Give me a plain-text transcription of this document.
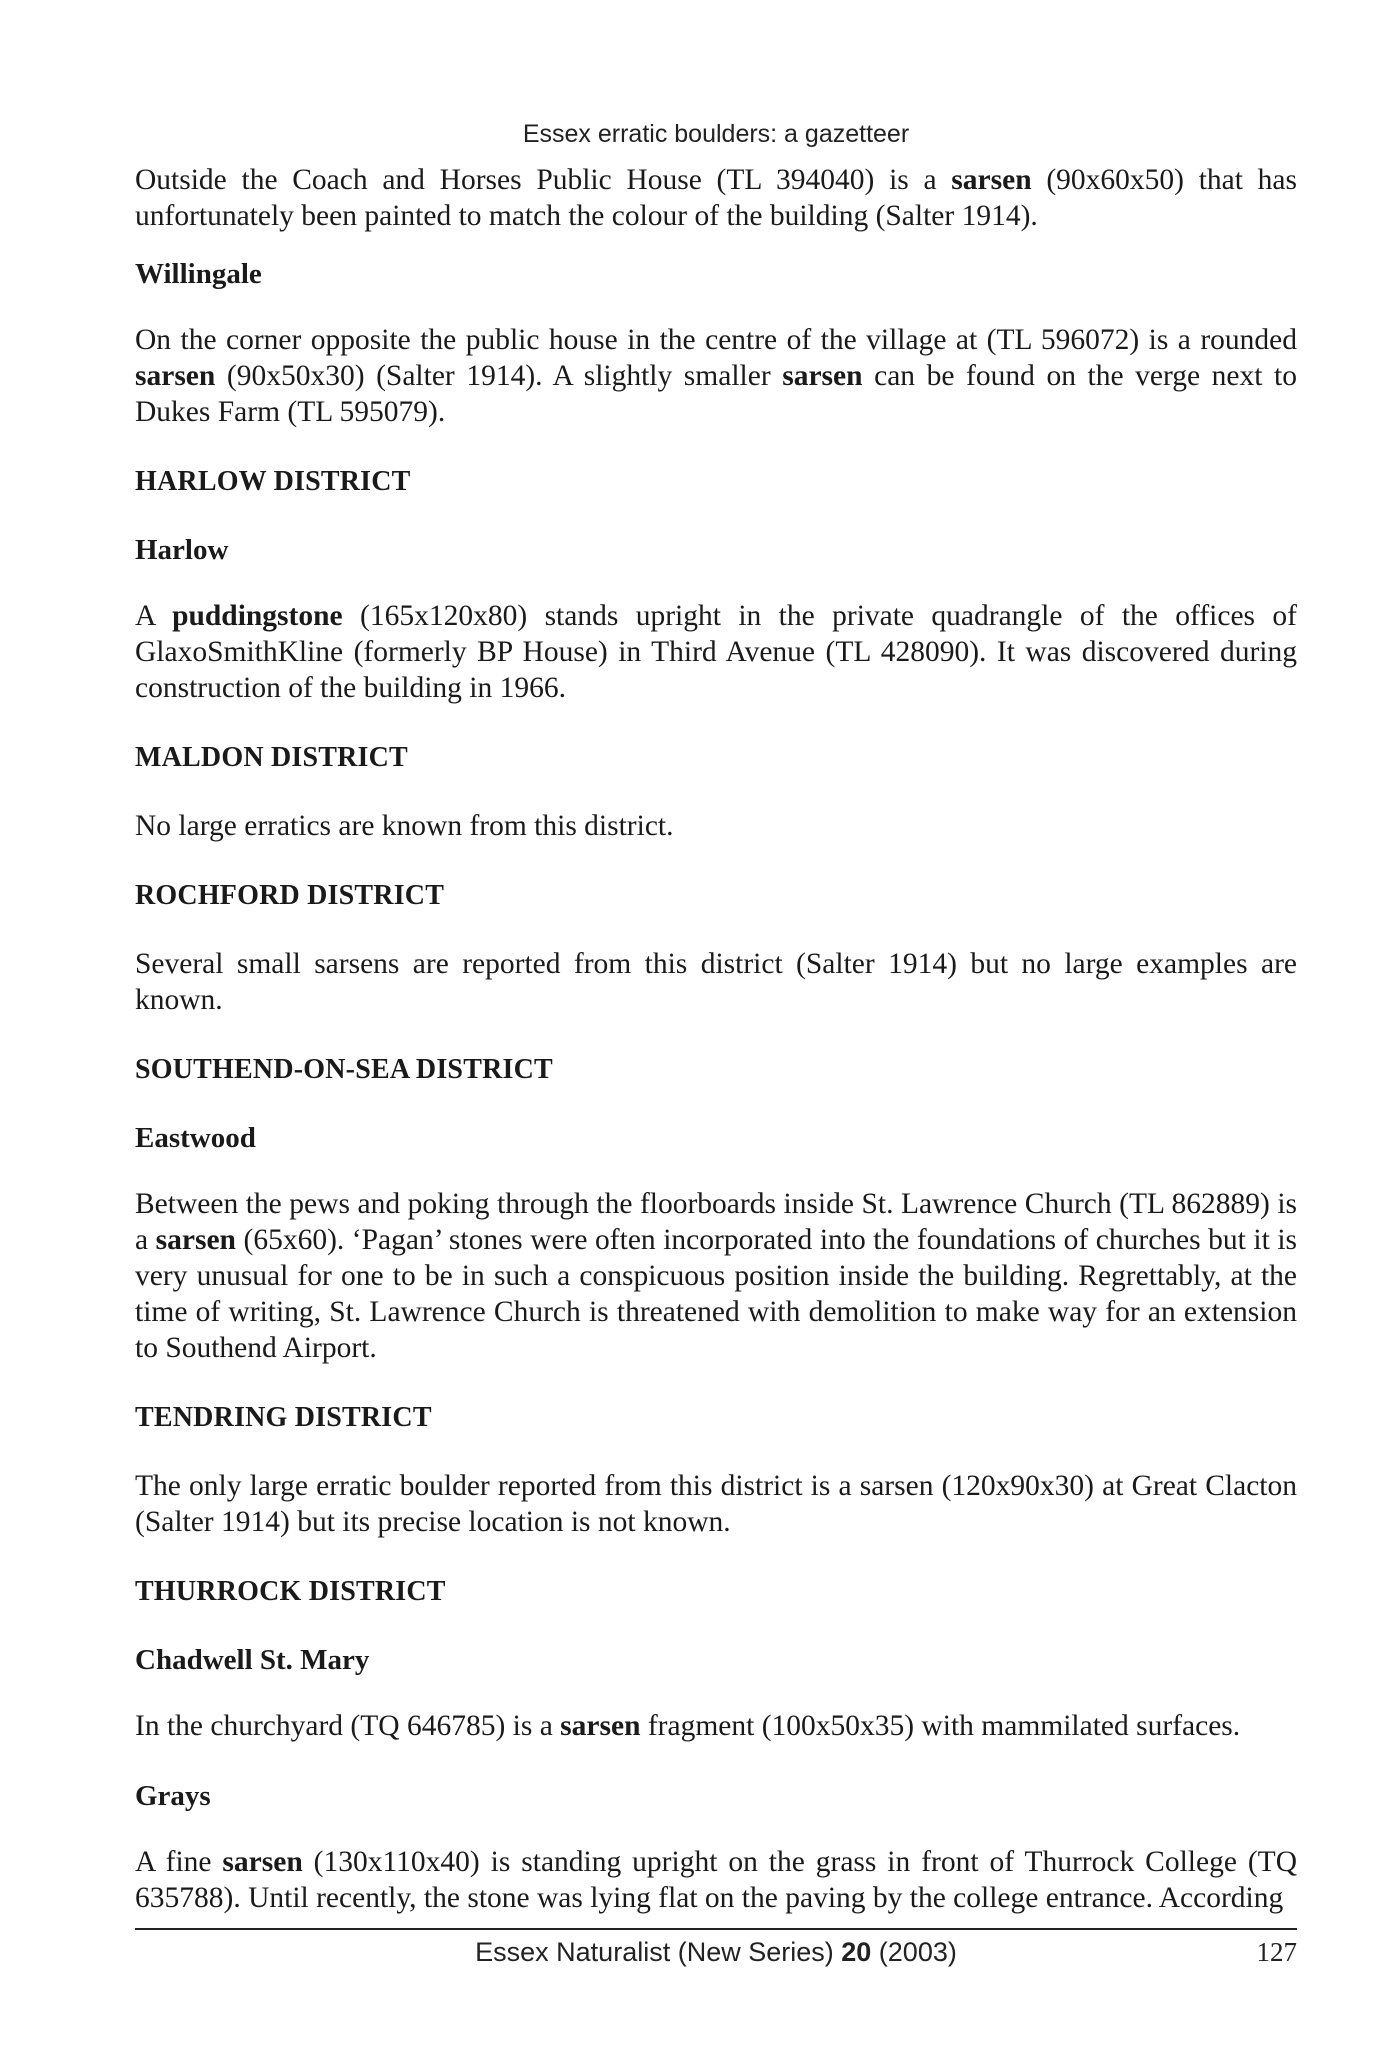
Essex erratic boulders: a gazetteer

Outside the Coach and Horses Public House (TL 394040) is a sarsen (90x60x50) that has unfortunately been painted to match the colour of the building (Salter 1914).

Willingale

On the corner opposite the public house in the centre of the village at (TL 596072) is a rounded sarsen (90x50x30) (Salter 1914). A slightly smaller sarsen can be found on the verge next to Dukes Farm (TL 595079).

HARLOW DISTRICT
Harlow

A puddingstone (165x120x80) stands upright in the private quadrangle of the offices of GlaxoSmithKline (formerly BP House) in Third Avenue (TL 428090). It was discovered during construction of the building in 1966.

MALDON DISTRICT

No large erratics are known from this district.

ROCHFORD DISTRICT

Several small sarsens are reported from this district (Salter 1914) but no large examples are known.

SOUTHEND-ON-SEA DISTRICT
Eastwood

Between the pews and poking through the floorboards inside St. Lawrence Church (TL 862889) is a sarsen (65x60). ‘Pagan’ stones were often incorporated into the foundations of churches but it is very unusual for one to be in such a conspicuous position inside the building. Regrettably, at the time of writing, St. Lawrence Church is threatened with demolition to make way for an extension to Southend Airport.

TENDRING DISTRICT

The only large erratic boulder reported from this district is a sarsen (120x90x30) at Great Clacton (Salter 1914) but its precise location is not known.

THURROCK DISTRICT
Chadwell St. Mary

In the churchyard (TQ 646785) is a sarsen fragment (100x50x35) with mammilated surfaces.

Grays

A fine sarsen (130x110x40) is standing upright on the grass in front of Thurrock College (TQ 635788). Until recently, the stone was lying flat on the paving by the college entrance. According

Essex Naturalist (New Series) 20 (2003)	127
